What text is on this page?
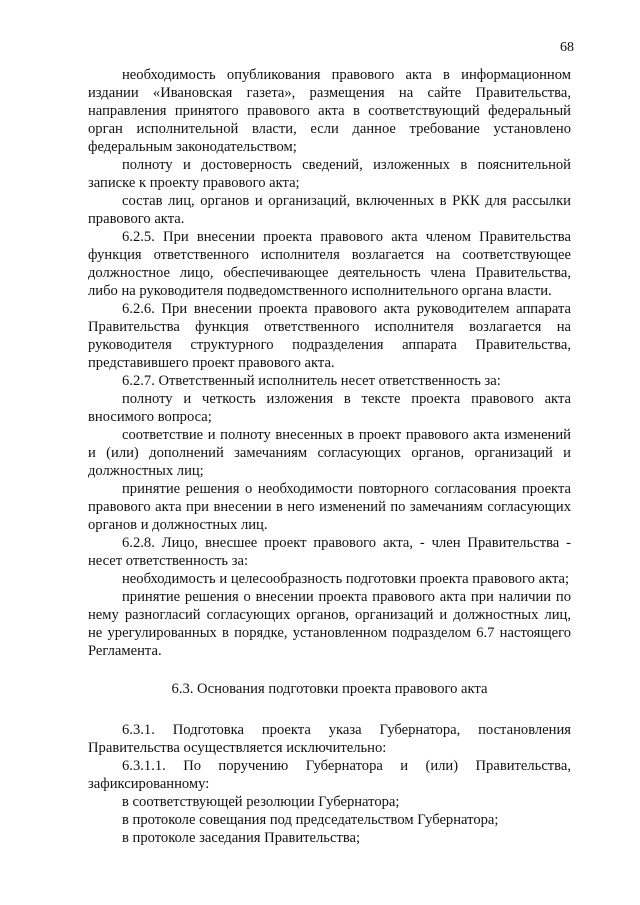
68

необходимость опубликования правового акта в информационном издании «Ивановская газета», размещения на сайте Правительства, направления принятого правового акта в соответствующий федеральный орган исполнительной власти, если данное требование установлено федеральным законодательством;

полноту и достоверность сведений, изложенных в пояснительной записке к проекту правового акта;

состав лиц, органов и организаций, включенных в РКК для рассылки правового акта.

6.2.5. При внесении проекта правового акта членом Правительства функция ответственного исполнителя возлагается на соответствующее должностное лицо, обеспечивающее деятельность члена Правительства, либо на руководителя подведомственного исполнительного органа власти.

6.2.6. При внесении проекта правового акта руководителем аппарата Правительства функция ответственного исполнителя возлагается на руководителя структурного подразделения аппарата Правительства, представившего проект правового акта.

6.2.7. Ответственный исполнитель несет ответственность за:

полноту и четкость изложения в тексте проекта правового акта вносимого вопроса;

соответствие и полноту внесенных в проект правового акта изменений и (или) дополнений замечаниям согласующих органов, организаций и должностных лиц;

принятие решения о необходимости повторного согласования проекта правового акта при внесении в него изменений по замечаниям согласующих органов и должностных лиц.

6.2.8. Лицо, внесшее проект правового акта, - член Правительства - несет ответственность за:

необходимость и целесообразность подготовки проекта правового акта;

принятие решения о внесении проекта правового акта при наличии по нему разногласий согласующих органов, организаций и должностных лиц, не урегулированных в порядке, установленном подразделом 6.7 настоящего Регламента.

6.3. Основания подготовки проекта правового акта

6.3.1. Подготовка проекта указа Губернатора, постановления Правительства осуществляется исключительно:

6.3.1.1. По поручению Губернатора и (или) Правительства, зафиксированному:

в соответствующей резолюции Губернатора;

в протоколе совещания под председательством Губернатора;

в протоколе заседания Правительства;
